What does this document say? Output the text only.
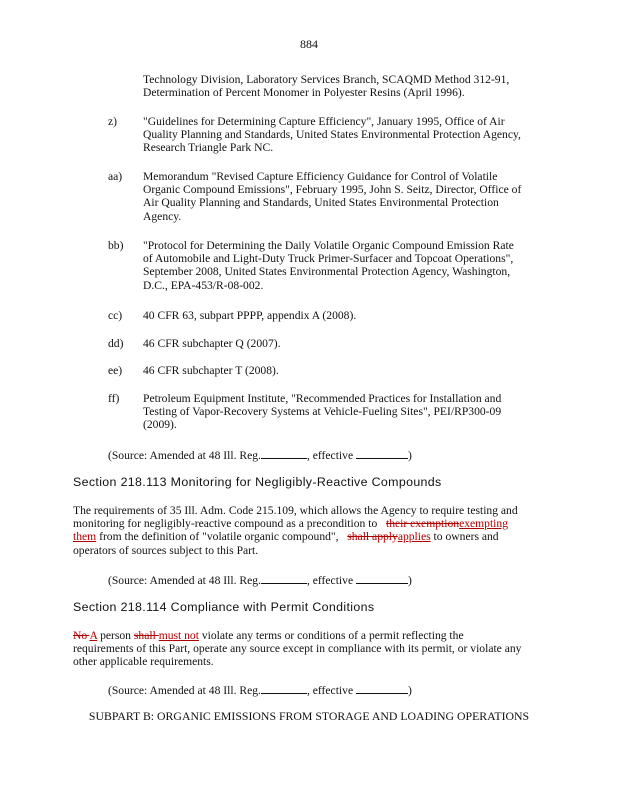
884
Technology Division, Laboratory Services Branch, SCAQMD Method 312-91,
Determination of Percent Monomer in Polyester Resins (April 1996).
z) "Guidelines for Determining Capture Efficiency", January 1995, Office of Air
Quality Planning and Standards, United States Environmental Protection Agency,
Research Triangle Park NC.
aa) Memorandum "Revised Capture Efficiency Guidance for Control of Volatile
Organic Compound Emissions", February 1995, John S. Seitz, Director, Office of
Air Quality Planning and Standards, United States Environmental Protection
Agency.
bb) "Protocol for Determining the Daily Volatile Organic Compound Emission Rate
of Automobile and Light-Duty Truck Primer-Surfacer and Topcoat Operations",
September 2008, United States Environmental Protection Agency, Washington,
D.C., EPA-453/R-08-002.
cc) 40 CFR 63, subpart PPPP, appendix A (2008).
dd) 46 CFR subchapter Q (2007).
ee) 46 CFR subchapter T (2008).
ff) Petroleum Equipment Institute, "Recommended Practices for Installation and
Testing of Vapor-Recovery Systems at Vehicle-Fueling Sites", PEI/RP300-09
(2009).
(Source: Amended at 48 Ill. Reg.	, effective	)
Section 218.113 Monitoring for Negligibly-Reactive Compounds
The requirements of 35 Ill. Adm. Code 215.109, which allows the Agency to require testing and
monitoring for negligibly-reactive compound as a precondition to their exemptionexempting
them from the definition of "volatile organic compound", shall applyapplies to owners and
operators of sources subject to this Part.
(Source: Amended at 48 Ill. Reg.	, effective	)
Section 218.114 Compliance with Permit Conditions
No A person shall must not violate any terms or conditions of a permit reflecting the
requirements of this Part, operate any source except in compliance with its permit, or violate any
other applicable requirements.
(Source: Amended at 48 Ill. Reg.	, effective	)
SUBPART B: ORGANIC EMISSIONS FROM STORAGE AND LOADING OPERATIONS
